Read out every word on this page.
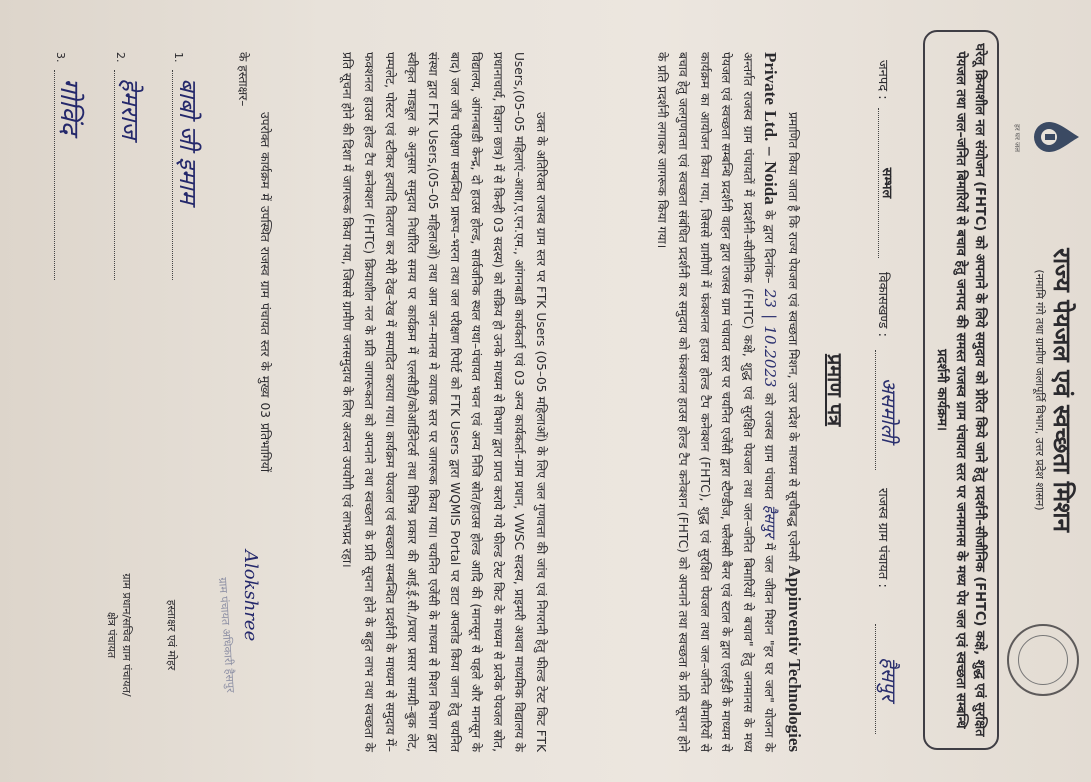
हर घर जल
राज्य पेयजल एवं स्वच्छता मिशन
(नमामि गंगे तथा ग्रामीण जलापूर्ति विभाग, उत्तर प्रदेश शासन)
घरेलू क्रियाशील नल संयोजन (FHTC) को अपनाने के लिये समुदाय को प्रेरित किये जाने हेतु प्रदर्शनी–सीजीनिक (FHTC) कक्षे, शुद्ध एवं सुरक्षित पेयजल तथा जल–जनित बिमारियों से बचाव हेतु जनपद की समस्त राजस्व ग्राम पंचायत स्तर पर जनमानस के मध्य पेय जल एवं स्वच्छता सम्बन्धि प्रदर्शनी कार्यक्रम।
जनपद :
सम्भल
विकासखण्ड :
असमोली
राजस्व ग्राम पंचायत :
हैसपुर
प्रमाण पत्र
प्रमाणित किया जाता है कि राज्य पेयजल एवं स्वच्छता मिशन, उत्तर प्रदेश के माध्यम से सूचीबद्ध एजेन्सी Appinventiv Technologies Private Ltd. – Noida के द्वारा दिनांक– 23 | 10.2023 को राजस्व ग्राम पंचायत हैसपुर में जल जीवन मिशन "हर घर जल" योजना के अन्तर्गत राजस्व ग्राम पंचायतों में प्रदर्शनी–सीजीनिक (FHTC) कक्षे, शुद्ध एवं सुरक्षित पेयजल तथा जल–जनित बिमारियों से बचाव" हेतु जनमानस के मध्य पेयजल एवं स्वच्छता सम्बन्धि प्रदर्शनी वाहन द्वारा राजस्व ग्राम पंचायत स्तर पर चयनित एजेंसी द्वारा स्टैण्डीज, फ्लैक्सी बैनर एवं स्टाल के द्वारा एलईडी के माध्यम से कार्यक्रम का आयोजन किया गया, जिससे ग्रामीणों में फंक्शनल हाउस होल्ड टैप कनेक्शन (FHTC), शुद्ध एवं सुरक्षित पेयजल तथा जल–जनित बीमारियों से बचाव हेतु जलगुणवत्ता एवं स्वच्छता संबंधित प्रदर्शनी कर समुदाय को फंक्शनल हाउस होल्ड टैप कनेक्शन (FHTC) को अपनाने तथा स्वच्छता के प्रति सूचना होने के प्रति प्रदर्शनी लगाकर जागरूक किया गया।
उक्त के अतिरिक्त राजस्व ग्राम स्तर पर FTK Users (05–05 महिलाओं) के लिए जल गुणवत्ता की जांच एवं निगरानी हेतु फील्ड टेस्ट किट FTK Users,(05–05 महिलाएं–आशा,ए.एन.एम., आंगनबाडी कार्यकर्ता एवं 03 अन्य कार्यकर्ता–ग्राम प्रधान, VWSC सदस्य, प्राइमरी अथवा माध्यमिक विद्यालय के प्रधानाचार्य, विज्ञान छात्र) में से किन्ही 03 सदस्य) को सक्रिय हो उनके माध्यम से विभाग द्वारा प्राप्त कराये गये फील्ड टेस्ट किट के माध्यम से प्रत्येक पेयजल स्रोत, विद्यालय, आंगनबाडी केन्द्र, दो हाउस होल्ड, सार्वजनिक स्थल यथा–पंचायत भवन एवं अन्य निजि स्रोत/हाउस होल्ड आदि की (मानसून से पहले और मानसून के बाद) जल जाँच परीक्षण सम्बन्धित प्रारूप–भरना तथा जल परीक्षण रिपोर्ट को FTK Users द्वारा WQMIS Portal पर डाटा अपलोड किया जाना हेतु चयनित संस्था द्वारा FTK Users,(05–05 महिलाओं) तथा आम जन–मानस मे व्यापक स्तर पर जागरूक किया गया। चयनित एजेंसी के माध्यम से मिशन विभाग द्वारा स्वीकृत माड्यूल के अनुसार समुदाय निर्धारित समय पर कार्यक्रम में एलसीडी/कोआर्डिनेटर्स तथा विभिन्न प्रकार की आई.ई.सी./प्रचार प्रसार सामग्री–बुक लेट, पम्पलेट, पोस्टर एवं स्टीकर इत्यादि वितरण कर मेरी देख–रेख में सम्पादित कराया गया। कार्यक्रम पेयजल एवं स्वच्छता सम्बन्धित प्रदर्शनी के माध्यम से समुदाय में–फक्शनल हाउस होल्ड टैप कनेक्शन (FHTC) क्रियाशील नल के प्रति जागरूकता को अपनाने तथा स्वच्छता के प्रति सूचना होने के बहुत लाभ तथा स्वच्छता के प्रति सूचना होने की दिशा में जागरूक किया गया, जिससे ग्रामीण जनसमुदाय के लिए अत्यन्त उपयोगी एवं लाभप्रद रहा।
उपरोक्त कार्यक्रम में उपस्थित राजस्व ग्राम पंचायत स्तर के मुख्य 03 प्रतिभागियों के हस्ताक्षर–
1.
बाबो जी इमाम
2.
हेमराज
3.
गोविंद
Alokshree
ग्राम पंचायत अधिकारी हैसपुर
हस्ताक्षर एवं मोहर
ग्राम प्रधान/सचिव ग्राम पंचायत/
क्षेत्र पंचायत
